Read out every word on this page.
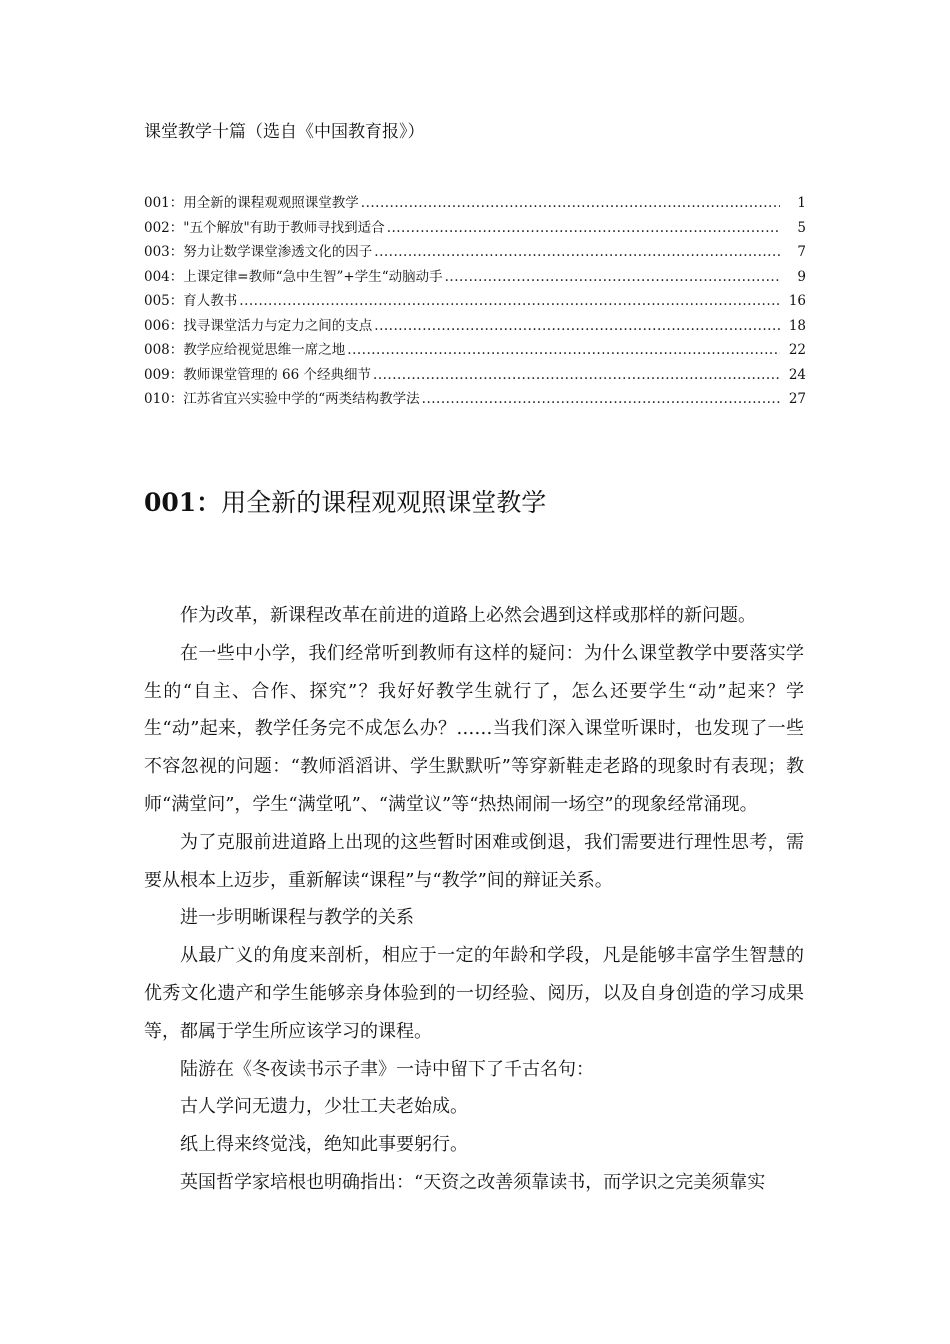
课堂教学十篇（选自《中国教育报》）
001：用全新的课程观观照课堂教学 .....	1
002："五个解放"有助于教师寻找到适合 .....	5
003：努力让数学课堂渗透文化的因子 .....	7
004：上课定律=教师“急中生智”+学生“动脑动手 .....	9
005：育人教书 .....	16
006：找寻课堂活力与定力之间的支点 .....	18
008：教学应给视觉思维一席之地 .....	22
009：教师课堂管理的 66 个经典细节 .....	24
010：江苏省宜兴实验中学的“两类结构教学法 .....	27
001：用全新的课程观观照课堂教学

作为改革，新课程改革在前进的道路上必然会遇到这样或那样的新问题。

在一些中小学，我们经常听到教师有这样的疑问：为什么课堂教学中要落实学生的“自主、合作、探究”？我好好教学生就行了，怎么还要学生“动”起来？学生“动”起来，教学任务完不成怎么办？……当我们深入课堂听课时，也发现了一些不容忽视的问题：“教师滔滔讲、学生默默听”等穿新鞋走老路的现象时有表现；教师“满堂问”，学生“满堂吼”、“满堂议”等“热热闹闹一场空”的现象经常涌现。

为了克服前进道路上出现的这些暂时困难或倒退，我们需要进行理性思考，需要从根本上迈步，重新解读“课程”与“教学”间的辩证关系。

进一步明晰课程与教学的关系

从最广义的角度来剖析，相应于一定的年龄和学段，凡是能够丰富学生智慧的优秀文化遗产和学生能够亲身体验到的一切经验、阅历，以及自身创造的学习成果等，都属于学生所应该学习的课程。

陆游在《冬夜读书示子聿》一诗中留下了千古名句：

古人学问无遗力，少壮工夫老始成。

纸上得来终觉浅，绝知此事要躬行。

英国哲学家培根也明确指出：“天资之改善须靠读书，而学识之完美须靠实
